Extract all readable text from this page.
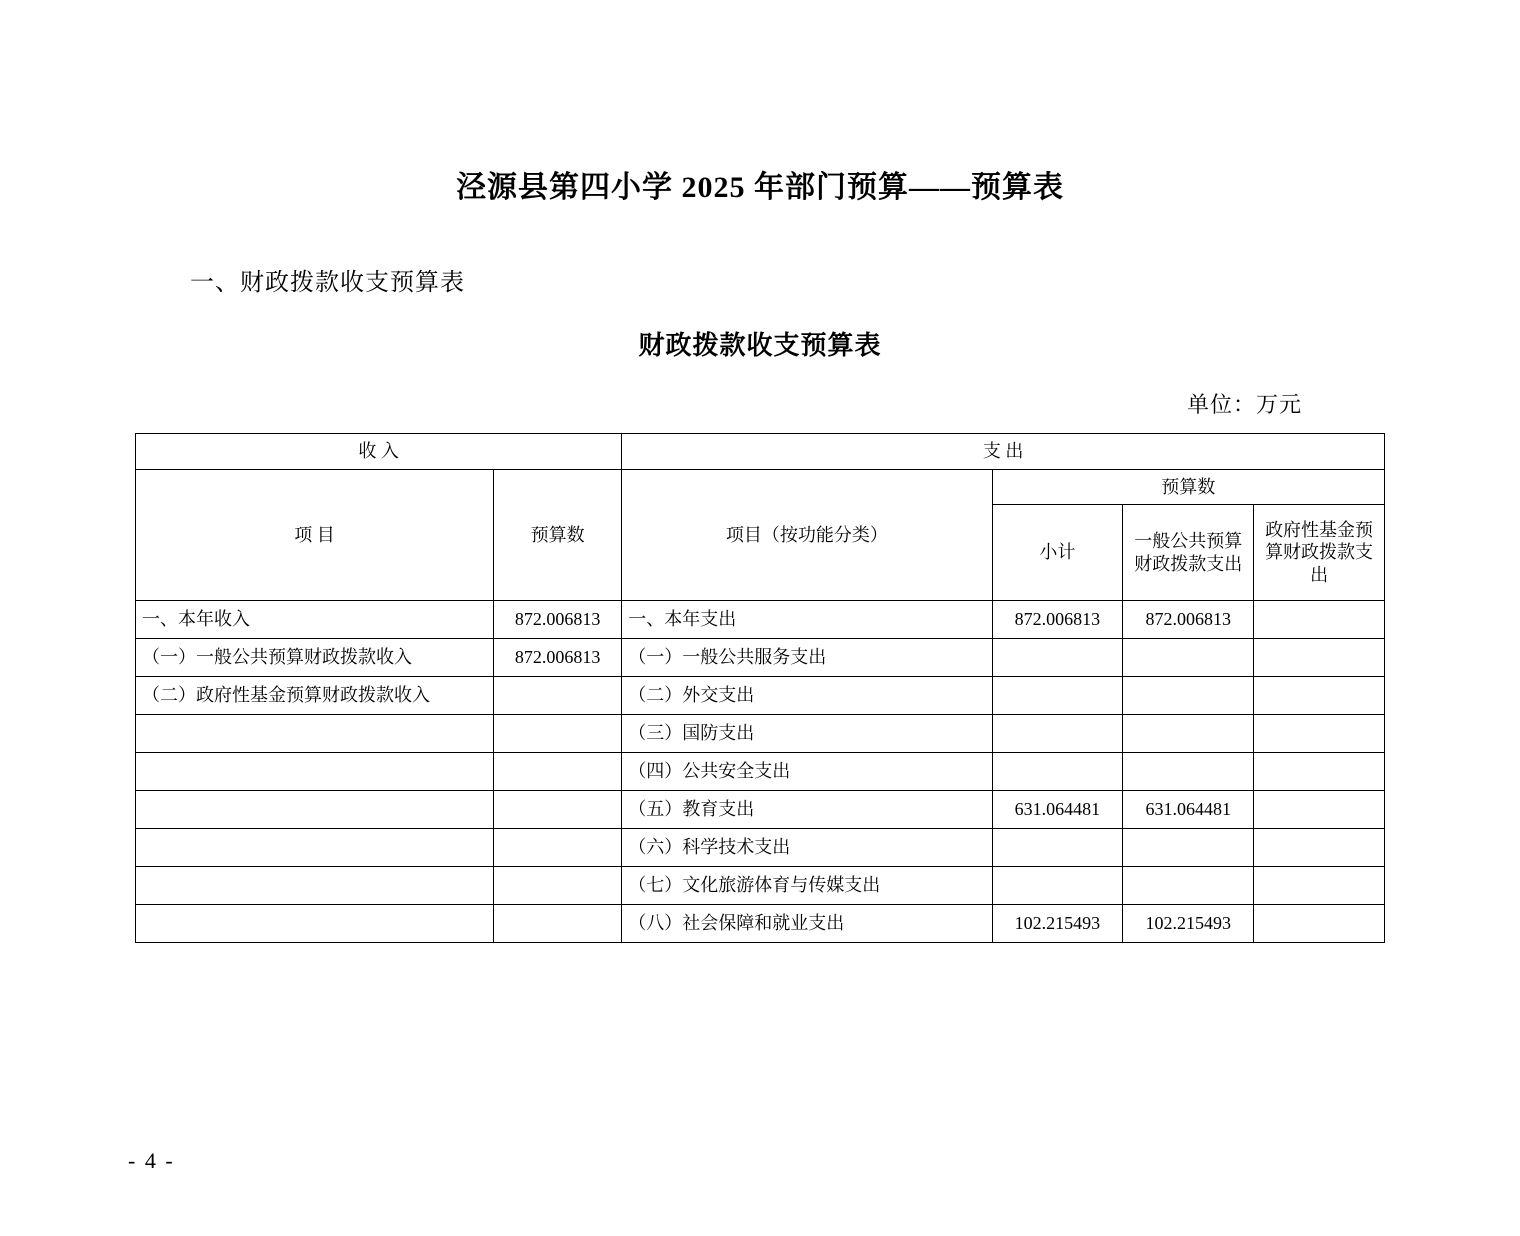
泾源县第四小学 2025 年部门预算——预算表
一、财政拨款收支预算表
财政拨款收支预算表
单位：万元
收 入		支 出			
项 目	预算数	项目（按功能分类）	预算数		
			小计	一般公共预算财政拨款支出	政府性基金预算财政拨款支出
一、本年收入	872.006813	一、本年支出	872.006813	872.006813	
（一）一般公共预算财政拨款收入	872.006813	（一）一般公共服务支出			
（二）政府性基金预算财政拨款收入		（二）外交支出			
		（三）国防支出			
		（四）公共安全支出			
		（五）教育支出	631.064481	631.064481	
		（六）科学技术支出			
		（七）文化旅游体育与传媒支出			
		（八）社会保障和就业支出	102.215493	102.215493	
- 4 -
